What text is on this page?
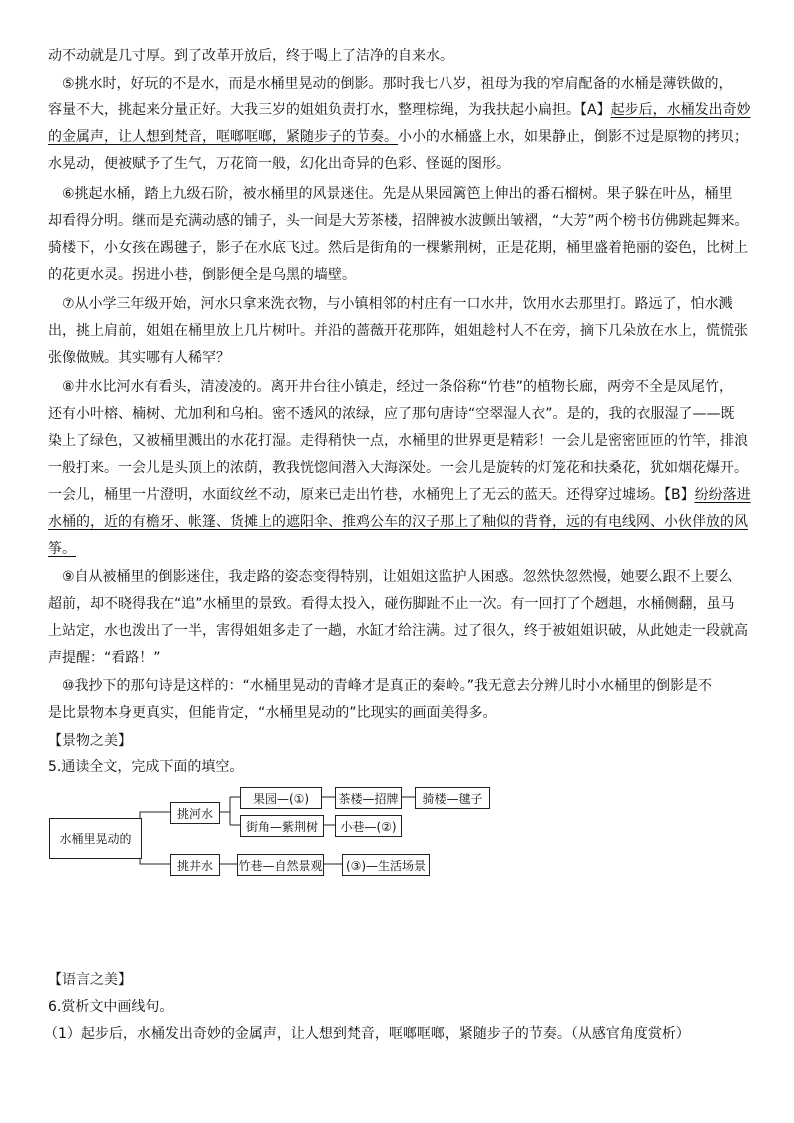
动不动就是几寸厚。到了改革开放后，终于喝上了洁净的自来水。
⑤挑水时，好玩的不是水，而是水桶里晃动的倒影。那时我七八岁，祖母为我的窄肩配备的水桶是薄铁做的，
容量不大，挑起来分量正好。大我三岁的姐姐负责打水，整理棕绳，为我扶起小扁担。【A】起步后，水桶发出奇妙
的金属声，让人想到梵音，哐啷哐啷，紧随步子的节奏。小小的水桶盛上水，如果静止，倒影不过是原物的拷贝；
水晃动，便被赋予了生气，万花筒一般，幻化出奇异的色彩、怪诞的图形。
⑥挑起水桶，踏上九级石阶，被水桶里的风景迷住。先是从果园篱笆上伸出的番石榴树。果子躲在叶丛，桶里
却看得分明。继而是充满动感的铺子，头一间是大芳茶楼，招牌被水波颤出皱褶，“大芳”两个榜书仿佛跳起舞来。
骑楼下，小女孩在踢毽子，影子在水底飞过。然后是街角的一棵紫荆树，正是花期，桶里盛着艳丽的姿色，比树上
的花更水灵。拐进小巷，倒影便全是乌黑的墙壁。
⑦从小学三年级开始，河水只拿来洗衣物，与小镇相邻的村庄有一口水井，饮用水去那里打。路远了，怕水溅
出，挑上肩前，姐姐在桶里放上几片树叶。并沿的蔷薇开花那阵，姐姐趁村人不在旁，摘下几朵放在水上，慌慌张
张像做贼。其实哪有人稀罕？
⑧井水比河水有看头，清凌凌的。离开井台往小镇走，经过一条俗称“竹巷”的植物长廊，两旁不全是凤尾竹，
还有小叶榕、楠树、尤加利和乌桕。密不透风的浓绿，应了那句唐诗“空翠湿人衣”。是的，我的衣服湿了——既
染上了绿色，又被桶里溅出的水花打湿。走得稍快一点，水桶里的世界更是精彩！一会儿是密密匝匝的竹竿，排浪
一般打来。一会儿是头顶上的浓荫，教我恍惚间潜入大海深处。一会儿是旋转的灯笼花和扶桑花，犹如烟花爆开。
一会儿，桶里一片澄明，水面纹丝不动，原来已走出竹巷，水桶兜上了无云的蓝天。还得穿过墟场。【B】纷纷落进
水桶的，近的有檐牙、帐篷、货摊上的遮阳伞、推鸡公车的汉子那上了釉似的背脊，远的有电线网、小伙伴放的风
筝。
⑨自从被桶里的倒影迷住，我走路的姿态变得特别，让姐姐这监护人困惑。忽然快忽然慢，她要么跟不上要么
超前，却不晓得我在“追”水桶里的景致。看得太投入，碰伤脚趾不止一次。有一回打了个趔趄，水桶侧翻，虽马
上站定，水也泼出了一半，害得姐姐多走了一趟，水缸才给注满。过了很久，终于被姐姐识破，从此她走一段就高
声提醒：“看路！”
⑩我抄下的那句诗是这样的：“水桶里晃动的青峰才是真正的秦岭。”我无意去分辨儿时小水桶里的倒影是不
是比景物本身更真实，但能肯定，“水桶里晃动的”比现实的画面美得多。
【景物之美】
5.通读全文，完成下面的填空。
水桶里晃动的
挑河水
挑井水
果园—(①)	茶楼—招牌	骑楼—毽子
街角—紫荆树	小巷—(②)
竹巷—自然景观	(③)—生活场景
【语言之美】
6.赏析文中画线句。
（1）起步后，水桶发出奇妙的金属声，让人想到梵音，哐啷哐啷，紧随步子的节奏。（从感官角度赏析）
